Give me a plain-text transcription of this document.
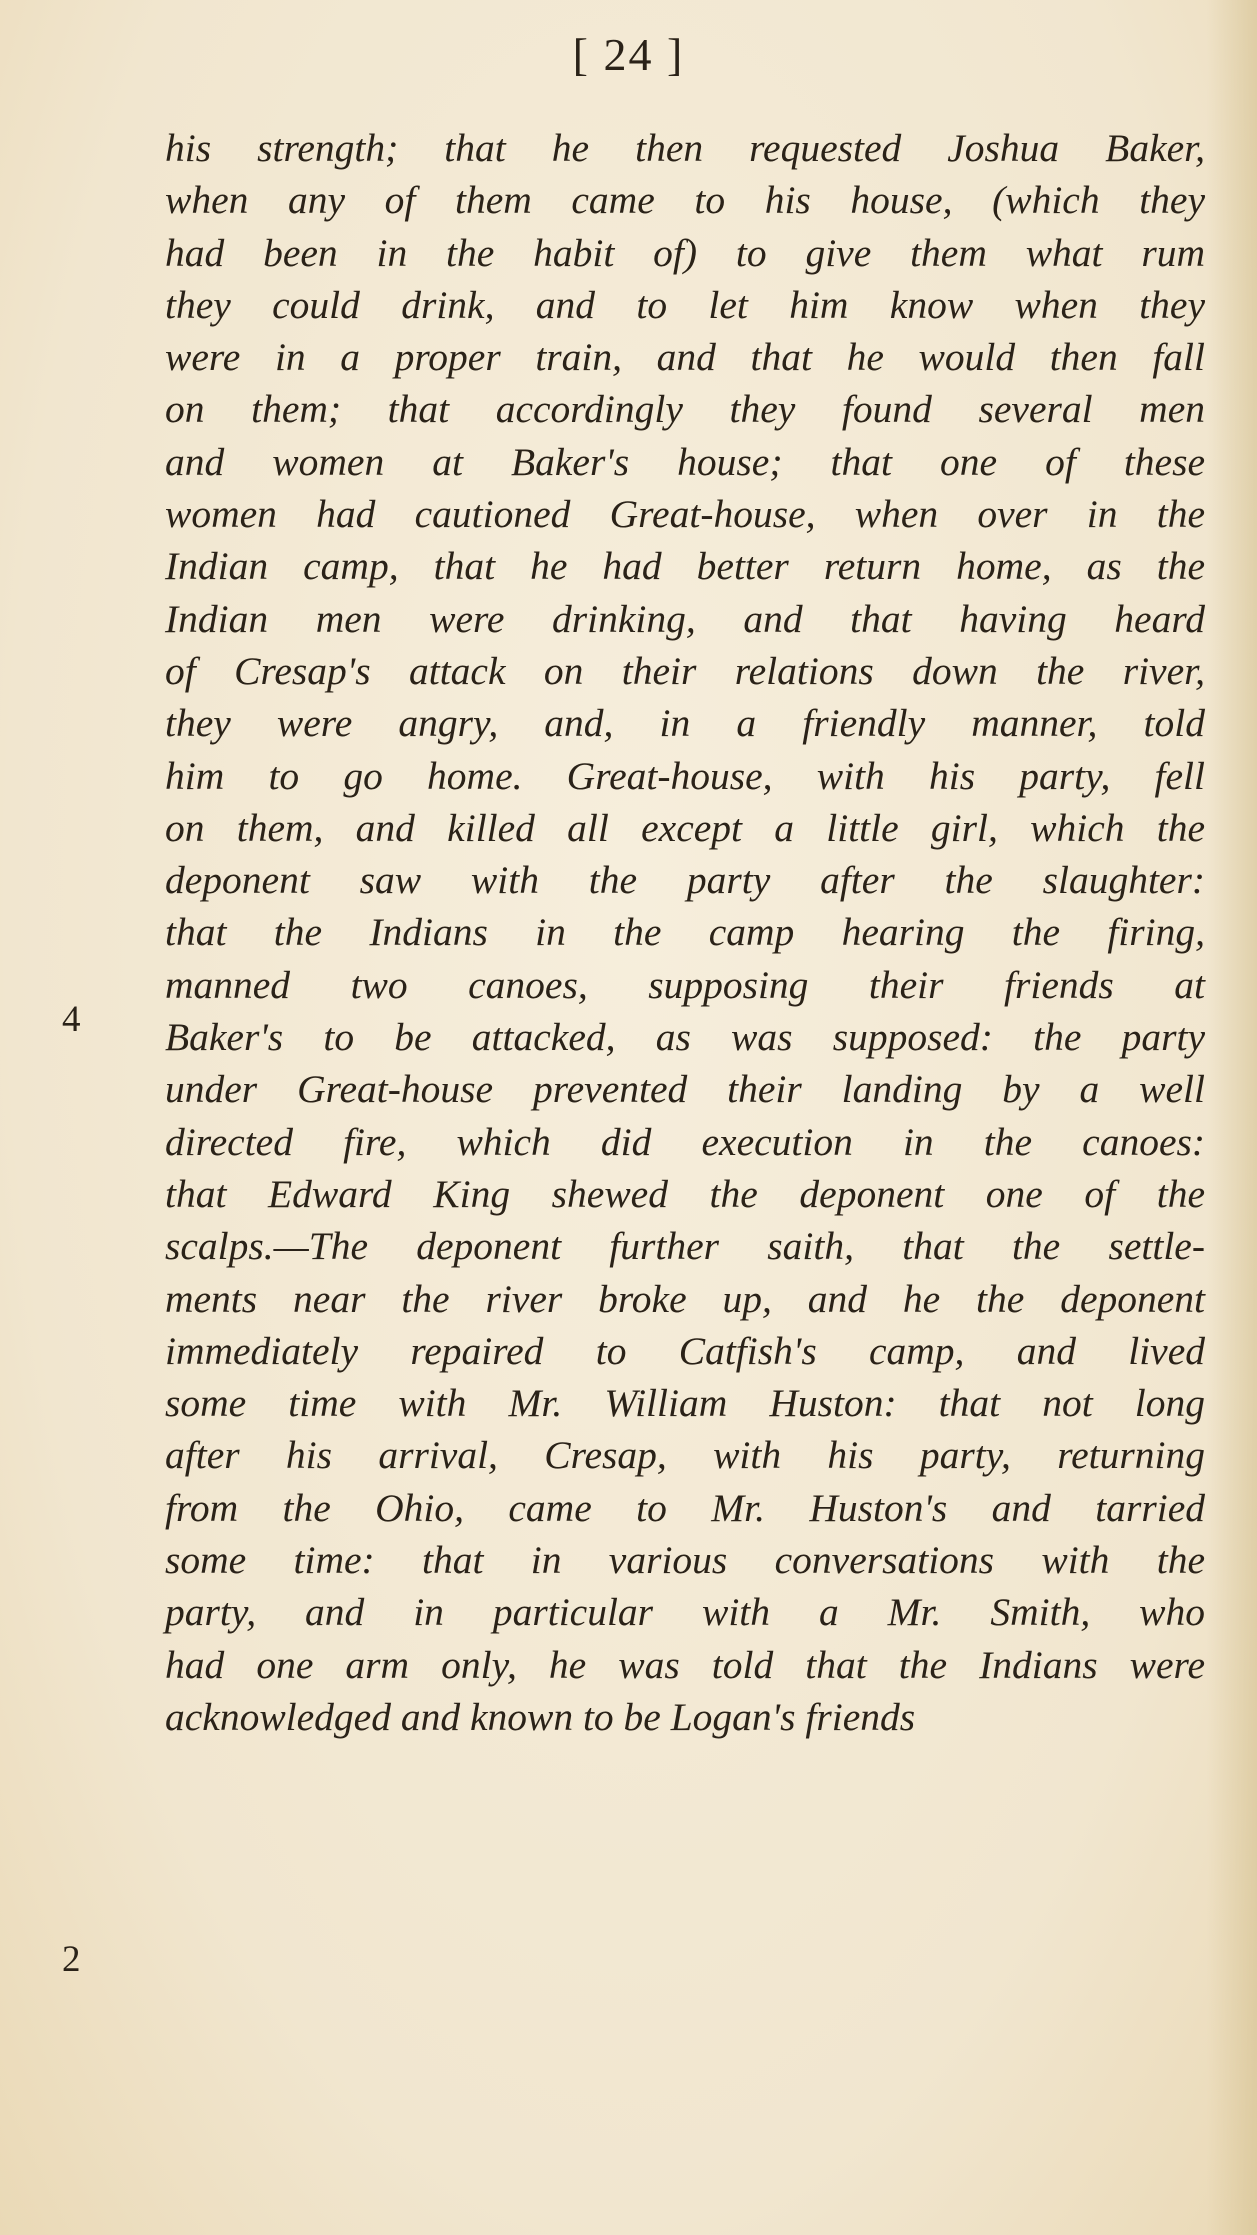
[ 24 ]
4
2
his strength; that he then requested Joshua Baker,
when any of them came to his house, (which they
had been in the habit of) to give them what rum
they could drink, and to let him know when they
were in a proper train, and that he would then fall
on them; that accordingly they found several men
and women at Baker's house; that one of these
women had cautioned Great-house, when over in the
Indian camp, that he had better return home, as the
Indian men were drinking, and that having heard
of Cresap's attack on their relations down the river,
they were angry, and, in a friendly manner, told
him to go home. Great-house, with his party, fell
on them, and killed all except a little girl, which the
deponent saw with the party after the slaughter:
that the Indians in the camp hearing the firing,
manned two canoes, supposing their friends at
Baker's to be attacked, as was supposed: the party
under Great-house prevented their landing by a well
directed fire, which did execution in the canoes:
that Edward King shewed the deponent one of the
scalps.—The deponent further saith, that the settle-
ments near the river broke up, and he the deponent
immediately repaired to Catfish's camp, and lived
some time with Mr. William Huston: that not long
after his arrival, Cresap, with his party, returning
from the Ohio, came to Mr. Huston's and tarried
some time: that in various conversations with the
party, and in particular with a Mr. Smith, who
had one arm only, he was told that the Indians were
acknowledged and known to be Logan's friends
